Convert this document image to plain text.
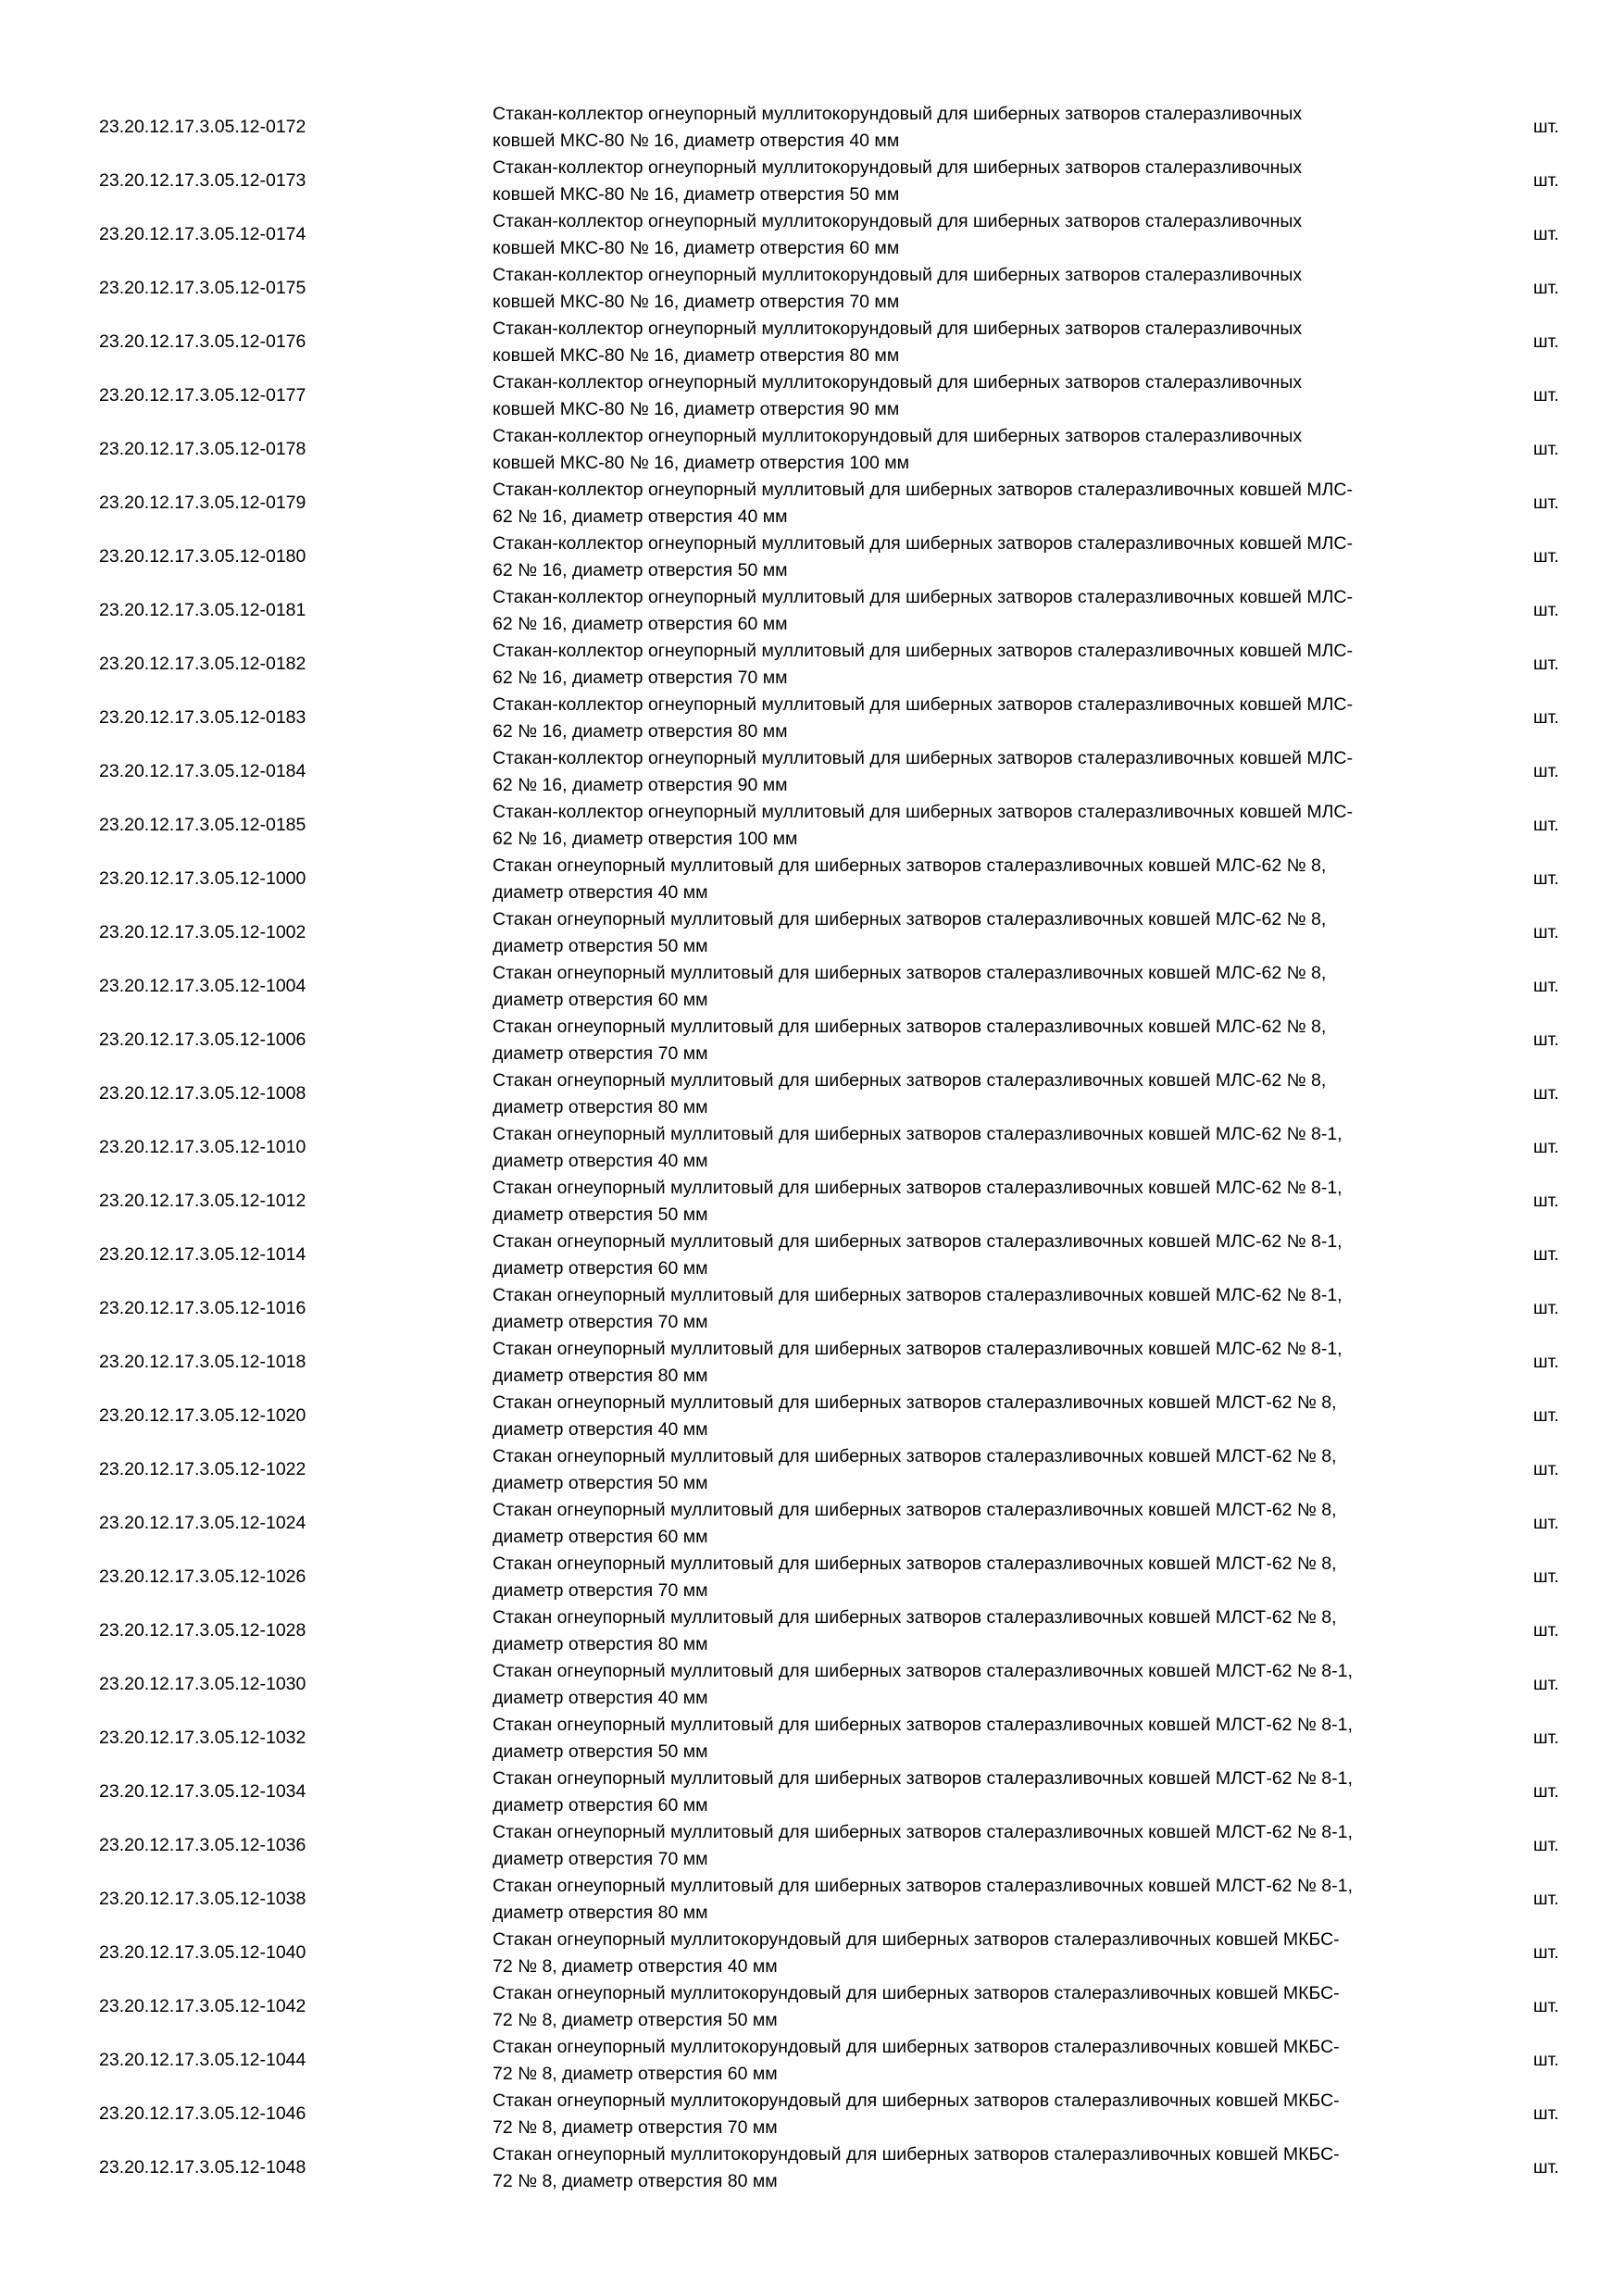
23.20.12.17.3.05.12-0172
Стакан-коллектор огнеупорный муллитокорундовый для шиберных затворов сталеразливочных
ковшей МКС-80 № 16, диаметр отверстия 40 мм
шт.
23.20.12.17.3.05.12-0173
Стакан-коллектор огнеупорный муллитокорундовый для шиберных затворов сталеразливочных
ковшей МКС-80 № 16, диаметр отверстия 50 мм
шт.
23.20.12.17.3.05.12-0174
Стакан-коллектор огнеупорный муллитокорундовый для шиберных затворов сталеразливочных
ковшей МКС-80 № 16, диаметр отверстия 60 мм
шт.
23.20.12.17.3.05.12-0175
Стакан-коллектор огнеупорный муллитокорундовый для шиберных затворов сталеразливочных
ковшей МКС-80 № 16, диаметр отверстия 70 мм
шт.
23.20.12.17.3.05.12-0176
Стакан-коллектор огнеупорный муллитокорундовый для шиберных затворов сталеразливочных
ковшей МКС-80 № 16, диаметр отверстия 80 мм
шт.
23.20.12.17.3.05.12-0177
Стакан-коллектор огнеупорный муллитокорундовый для шиберных затворов сталеразливочных
ковшей МКС-80 № 16, диаметр отверстия 90 мм
шт.
23.20.12.17.3.05.12-0178
Стакан-коллектор огнеупорный муллитокорундовый для шиберных затворов сталеразливочных
ковшей МКС-80 № 16, диаметр отверстия 100 мм
шт.
23.20.12.17.3.05.12-0179
Стакан-коллектор огнеупорный муллитовый для шиберных затворов сталеразливочных ковшей МЛС-
62 № 16, диаметр отверстия 40 мм
шт.
23.20.12.17.3.05.12-0180
Стакан-коллектор огнеупорный муллитовый для шиберных затворов сталеразливочных ковшей МЛС-
62 № 16, диаметр отверстия 50 мм
шт.
23.20.12.17.3.05.12-0181
Стакан-коллектор огнеупорный муллитовый для шиберных затворов сталеразливочных ковшей МЛС-
62 № 16, диаметр отверстия 60 мм
шт.
23.20.12.17.3.05.12-0182
Стакан-коллектор огнеупорный муллитовый для шиберных затворов сталеразливочных ковшей МЛС-
62 № 16, диаметр отверстия 70 мм
шт.
23.20.12.17.3.05.12-0183
Стакан-коллектор огнеупорный муллитовый для шиберных затворов сталеразливочных ковшей МЛС-
62 № 16, диаметр отверстия 80 мм
шт.
23.20.12.17.3.05.12-0184
Стакан-коллектор огнеупорный муллитовый для шиберных затворов сталеразливочных ковшей МЛС-
62 № 16, диаметр отверстия 90 мм
шт.
23.20.12.17.3.05.12-0185
Стакан-коллектор огнеупорный муллитовый для шиберных затворов сталеразливочных ковшей МЛС-
62 № 16, диаметр отверстия 100 мм
шт.
23.20.12.17.3.05.12-1000
Стакан огнеупорный муллитовый для шиберных затворов сталеразливочных ковшей МЛС-62 № 8,
диаметр отверстия 40 мм
шт.
23.20.12.17.3.05.12-1002
Стакан огнеупорный муллитовый для шиберных затворов сталеразливочных ковшей МЛС-62 № 8,
диаметр отверстия 50 мм
шт.
23.20.12.17.3.05.12-1004
Стакан огнеупорный муллитовый для шиберных затворов сталеразливочных ковшей МЛС-62 № 8,
диаметр отверстия 60 мм
шт.
23.20.12.17.3.05.12-1006
Стакан огнеупорный муллитовый для шиберных затворов сталеразливочных ковшей МЛС-62 № 8,
диаметр отверстия 70 мм
шт.
23.20.12.17.3.05.12-1008
Стакан огнеупорный муллитовый для шиберных затворов сталеразливочных ковшей МЛС-62 № 8,
диаметр отверстия 80 мм
шт.
23.20.12.17.3.05.12-1010
Стакан огнеупорный муллитовый для шиберных затворов сталеразливочных ковшей МЛС-62 № 8-1,
диаметр отверстия 40 мм
шт.
23.20.12.17.3.05.12-1012
Стакан огнеупорный муллитовый для шиберных затворов сталеразливочных ковшей МЛС-62 № 8-1,
диаметр отверстия 50 мм
шт.
23.20.12.17.3.05.12-1014
Стакан огнеупорный муллитовый для шиберных затворов сталеразливочных ковшей МЛС-62 № 8-1,
диаметр отверстия 60 мм
шт.
23.20.12.17.3.05.12-1016
Стакан огнеупорный муллитовый для шиберных затворов сталеразливочных ковшей МЛС-62 № 8-1,
диаметр отверстия 70 мм
шт.
23.20.12.17.3.05.12-1018
Стакан огнеупорный муллитовый для шиберных затворов сталеразливочных ковшей МЛС-62 № 8-1,
диаметр отверстия 80 мм
шт.
23.20.12.17.3.05.12-1020
Стакан огнеупорный муллитовый для шиберных затворов сталеразливочных ковшей МЛСТ-62 № 8,
диаметр отверстия 40 мм
шт.
23.20.12.17.3.05.12-1022
Стакан огнеупорный муллитовый для шиберных затворов сталеразливочных ковшей МЛСТ-62 № 8,
диаметр отверстия 50 мм
шт.
23.20.12.17.3.05.12-1024
Стакан огнеупорный муллитовый для шиберных затворов сталеразливочных ковшей МЛСТ-62 № 8,
диаметр отверстия 60 мм
шт.
23.20.12.17.3.05.12-1026
Стакан огнеупорный муллитовый для шиберных затворов сталеразливочных ковшей МЛСТ-62 № 8,
диаметр отверстия 70 мм
шт.
23.20.12.17.3.05.12-1028
Стакан огнеупорный муллитовый для шиберных затворов сталеразливочных ковшей МЛСТ-62 № 8,
диаметр отверстия 80 мм
шт.
23.20.12.17.3.05.12-1030
Стакан огнеупорный муллитовый для шиберных затворов сталеразливочных ковшей МЛСТ-62 № 8-1,
диаметр отверстия 40 мм
шт.
23.20.12.17.3.05.12-1032
Стакан огнеупорный муллитовый для шиберных затворов сталеразливочных ковшей МЛСТ-62 № 8-1,
диаметр отверстия 50 мм
шт.
23.20.12.17.3.05.12-1034
Стакан огнеупорный муллитовый для шиберных затворов сталеразливочных ковшей МЛСТ-62 № 8-1,
диаметр отверстия 60 мм
шт.
23.20.12.17.3.05.12-1036
Стакан огнеупорный муллитовый для шиберных затворов сталеразливочных ковшей МЛСТ-62 № 8-1,
диаметр отверстия 70 мм
шт.
23.20.12.17.3.05.12-1038
Стакан огнеупорный муллитовый для шиберных затворов сталеразливочных ковшей МЛСТ-62 № 8-1,
диаметр отверстия 80 мм
шт.
23.20.12.17.3.05.12-1040
Стакан огнеупорный муллитокорундовый для шиберных затворов сталеразливочных ковшей МКБС-
72 № 8, диаметр отверстия 40 мм
шт.
23.20.12.17.3.05.12-1042
Стакан огнеупорный муллитокорундовый для шиберных затворов сталеразливочных ковшей МКБС-
72 № 8, диаметр отверстия 50 мм
шт.
23.20.12.17.3.05.12-1044
Стакан огнеупорный муллитокорундовый для шиберных затворов сталеразливочных ковшей МКБС-
72 № 8, диаметр отверстия 60 мм
шт.
23.20.12.17.3.05.12-1046
Стакан огнеупорный муллитокорундовый для шиберных затворов сталеразливочных ковшей МКБС-
72 № 8, диаметр отверстия 70 мм
шт.
23.20.12.17.3.05.12-1048
Стакан огнеупорный муллитокорундовый для шиберных затворов сталеразливочных ковшей МКБС-
72 № 8, диаметр отверстия 80 мм
шт.
